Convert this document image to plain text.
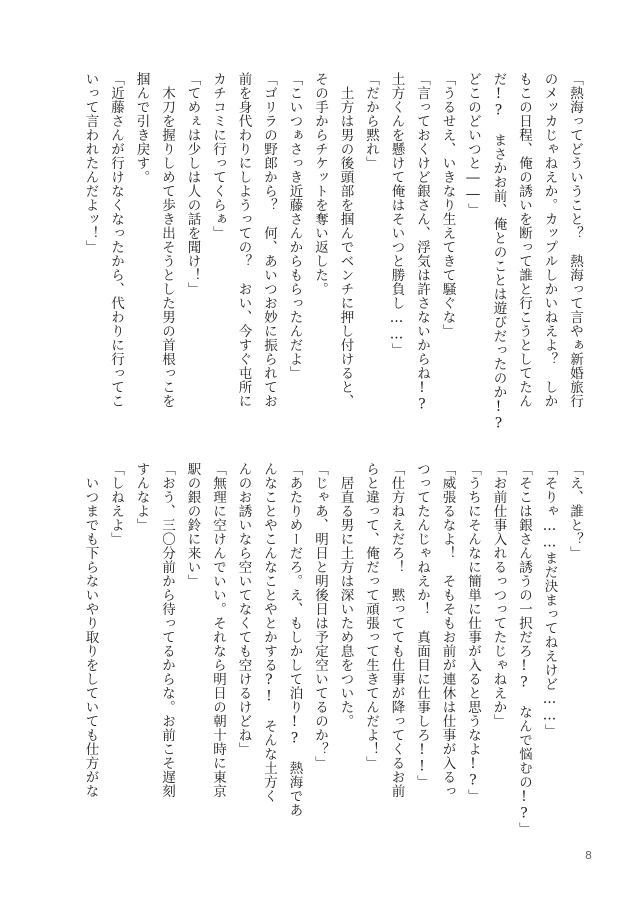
「熱海ってどういうこと？　熱海って言やぁ新婚旅行
のメッカじゃねえか。カップルしかいねえよ？　しか
もこの日程、俺の誘いを断って誰と行こうとしてたん
だ!?　まさかお前、俺とのことは遊びだったのか!?
どこのどいつと――」
「うるせえ、いきなり生えてきて騒ぐな」
「言っておくけど銀さん、浮気は許さないからね!?
土方くんを懸けて俺はそいつと勝負し……」
「だから黙れ」
　土方は男の後頭部を掴んでベンチに押し付けると、
その手からチケットを奪い返した。
「こいつぁさっき近藤さんからもらったんだよ」
「ゴリラの野郎から？　何、あいつお妙に振られてお
前を身代わりにしようっての？　おい、今すぐ屯所に
カチコミに行ってくらぁ」
「てめぇは少しは人の話を聞け！」
　木刀を握りしめて歩き出そうとした男の首根っこを
掴んで引き戻す。
「近藤さんが行けなくなったから、代わりに行ってこ
いって言われたんだよッ！」
「え、誰と？」
「そりゃ……まだ決まってねえけど……」
「そこは銀さん誘うの一択だろ!?　なんで悩むの!?」
「お前仕事入れるっつってたじゃねえか」
「うちにそんなに簡単に仕事が入ると思うなよ!?」
「威張るなよ！　そもそもお前が連休は仕事が入るっ
つってたんじゃねえか！　真面目に仕事しろ!!」
「仕方ねえだろ！　黙ってても仕事が降ってくるお前
らと違って、俺だって頑張って生きてんだよ！」
　居直る男に土方は深いため息をついた。
「じゃあ、明日と明後日は予定空いてるのか？」
「あたりめーだろ。え、もしかして泊り!?　熱海であ
んなことやこんなことやとかする?!　そんな土方く
んのお誘いなら空いてなくても空けるけどね」
「無理に空けんでいい。それなら明日の朝十時に東京
駅の銀の鈴に来い」
「おう、三〇分前から待ってるからな。お前こそ遅刻
すんなよ」
「しねえよ」
　いつまでも下らないやり取りをしていても仕方がな
8
